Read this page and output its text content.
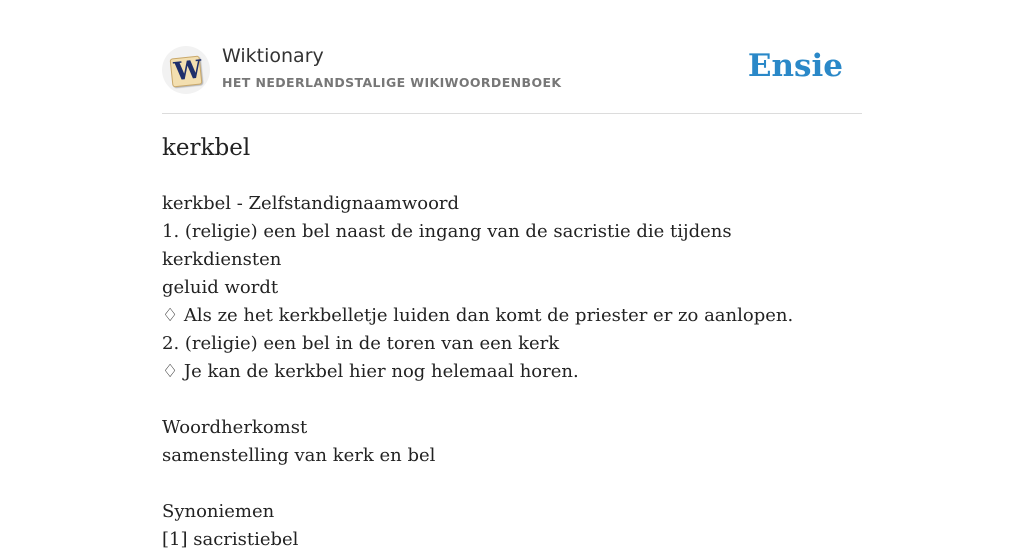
W Wiktionary
HET NEDERLANDSTALIGE WIKIWOORDENBOEK	Ensie
kerkbel
kerkbel - Zelfstandignaamwoord
1. (religie) een bel naast de ingang van de sacristie die tijdens kerkdiensten
geluid wordt
♢ Als ze het kerkbelletje luiden dan komt de priester er zo aanlopen.
2. (religie) een bel in de toren van een kerk
♢ Je kan de kerkbel hier nog helemaal horen.
Woordherkomst
samenstelling van kerk en bel
Synoniemen
[1] sacristiebel
